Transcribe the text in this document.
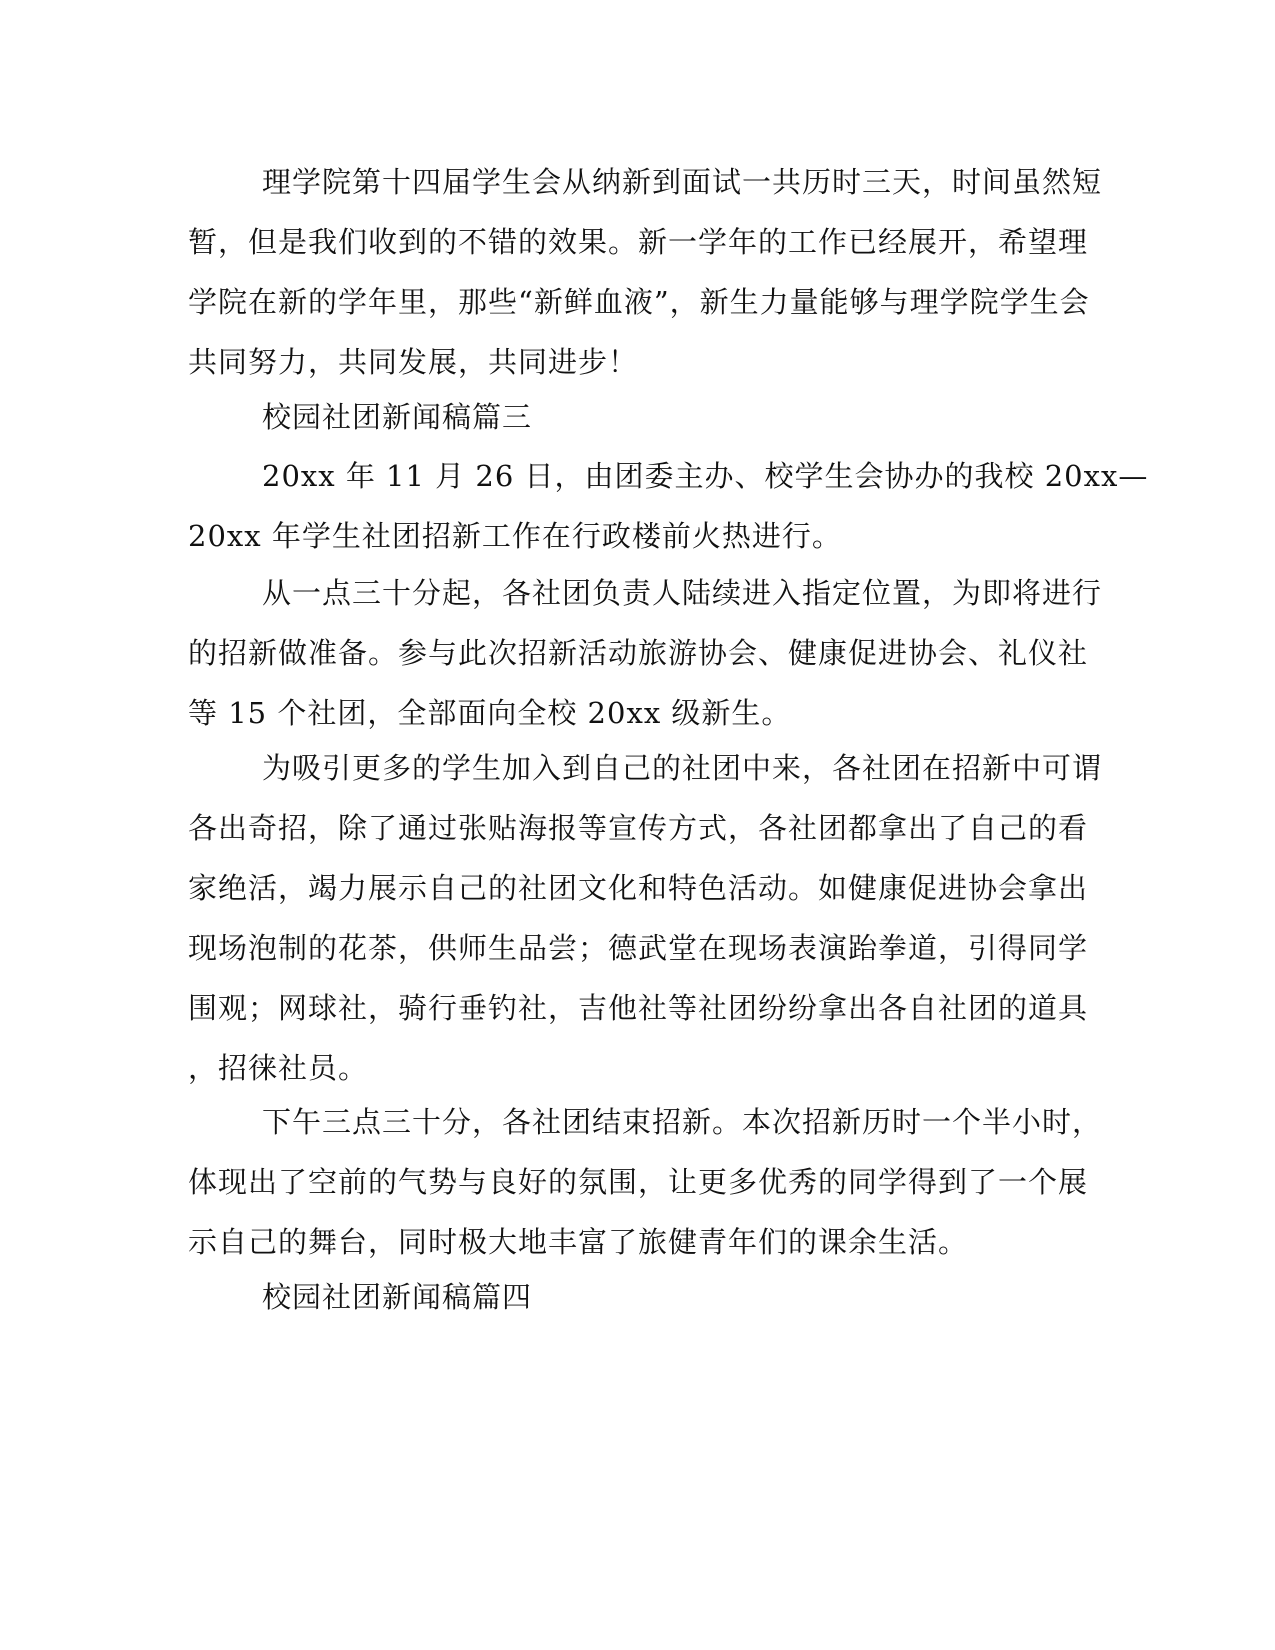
理学院第十四届学生会从纳新到面试一共历时三天，时间虽然短
暂，但是我们收到的不错的效果。新一学年的工作已经展开，希望理
学院在新的学年里，那些“新鲜血液”，新生力量能够与理学院学生会
共同努力，共同发展，共同进步！
校园社团新闻稿篇三
20xx 年 11 月 26 日，由团委主办、校学生会协办的我校 20xx—
20xx 年学生社团招新工作在行政楼前火热进行。
从一点三十分起，各社团负责人陆续进入指定位置，为即将进行
的招新做准备。参与此次招新活动旅游协会、健康促进协会、礼仪社
等 15 个社团，全部面向全校 20xx 级新生。
为吸引更多的学生加入到自己的社团中来，各社团在招新中可谓
各出奇招，除了通过张贴海报等宣传方式，各社团都拿出了自己的看
家绝活，竭力展示自己的社团文化和特色活动。如健康促进协会拿出
现场泡制的花茶，供师生品尝；德武堂在现场表演跆拳道，引得同学
围观；网球社，骑行垂钓社，吉他社等社团纷纷拿出各自社团的道具
，招徕社员。
下午三点三十分，各社团结束招新。本次招新历时一个半小时，
体现出了空前的气势与良好的氛围，让更多优秀的同学得到了一个展
示自己的舞台，同时极大地丰富了旅健青年们的课余生活。
校园社团新闻稿篇四
